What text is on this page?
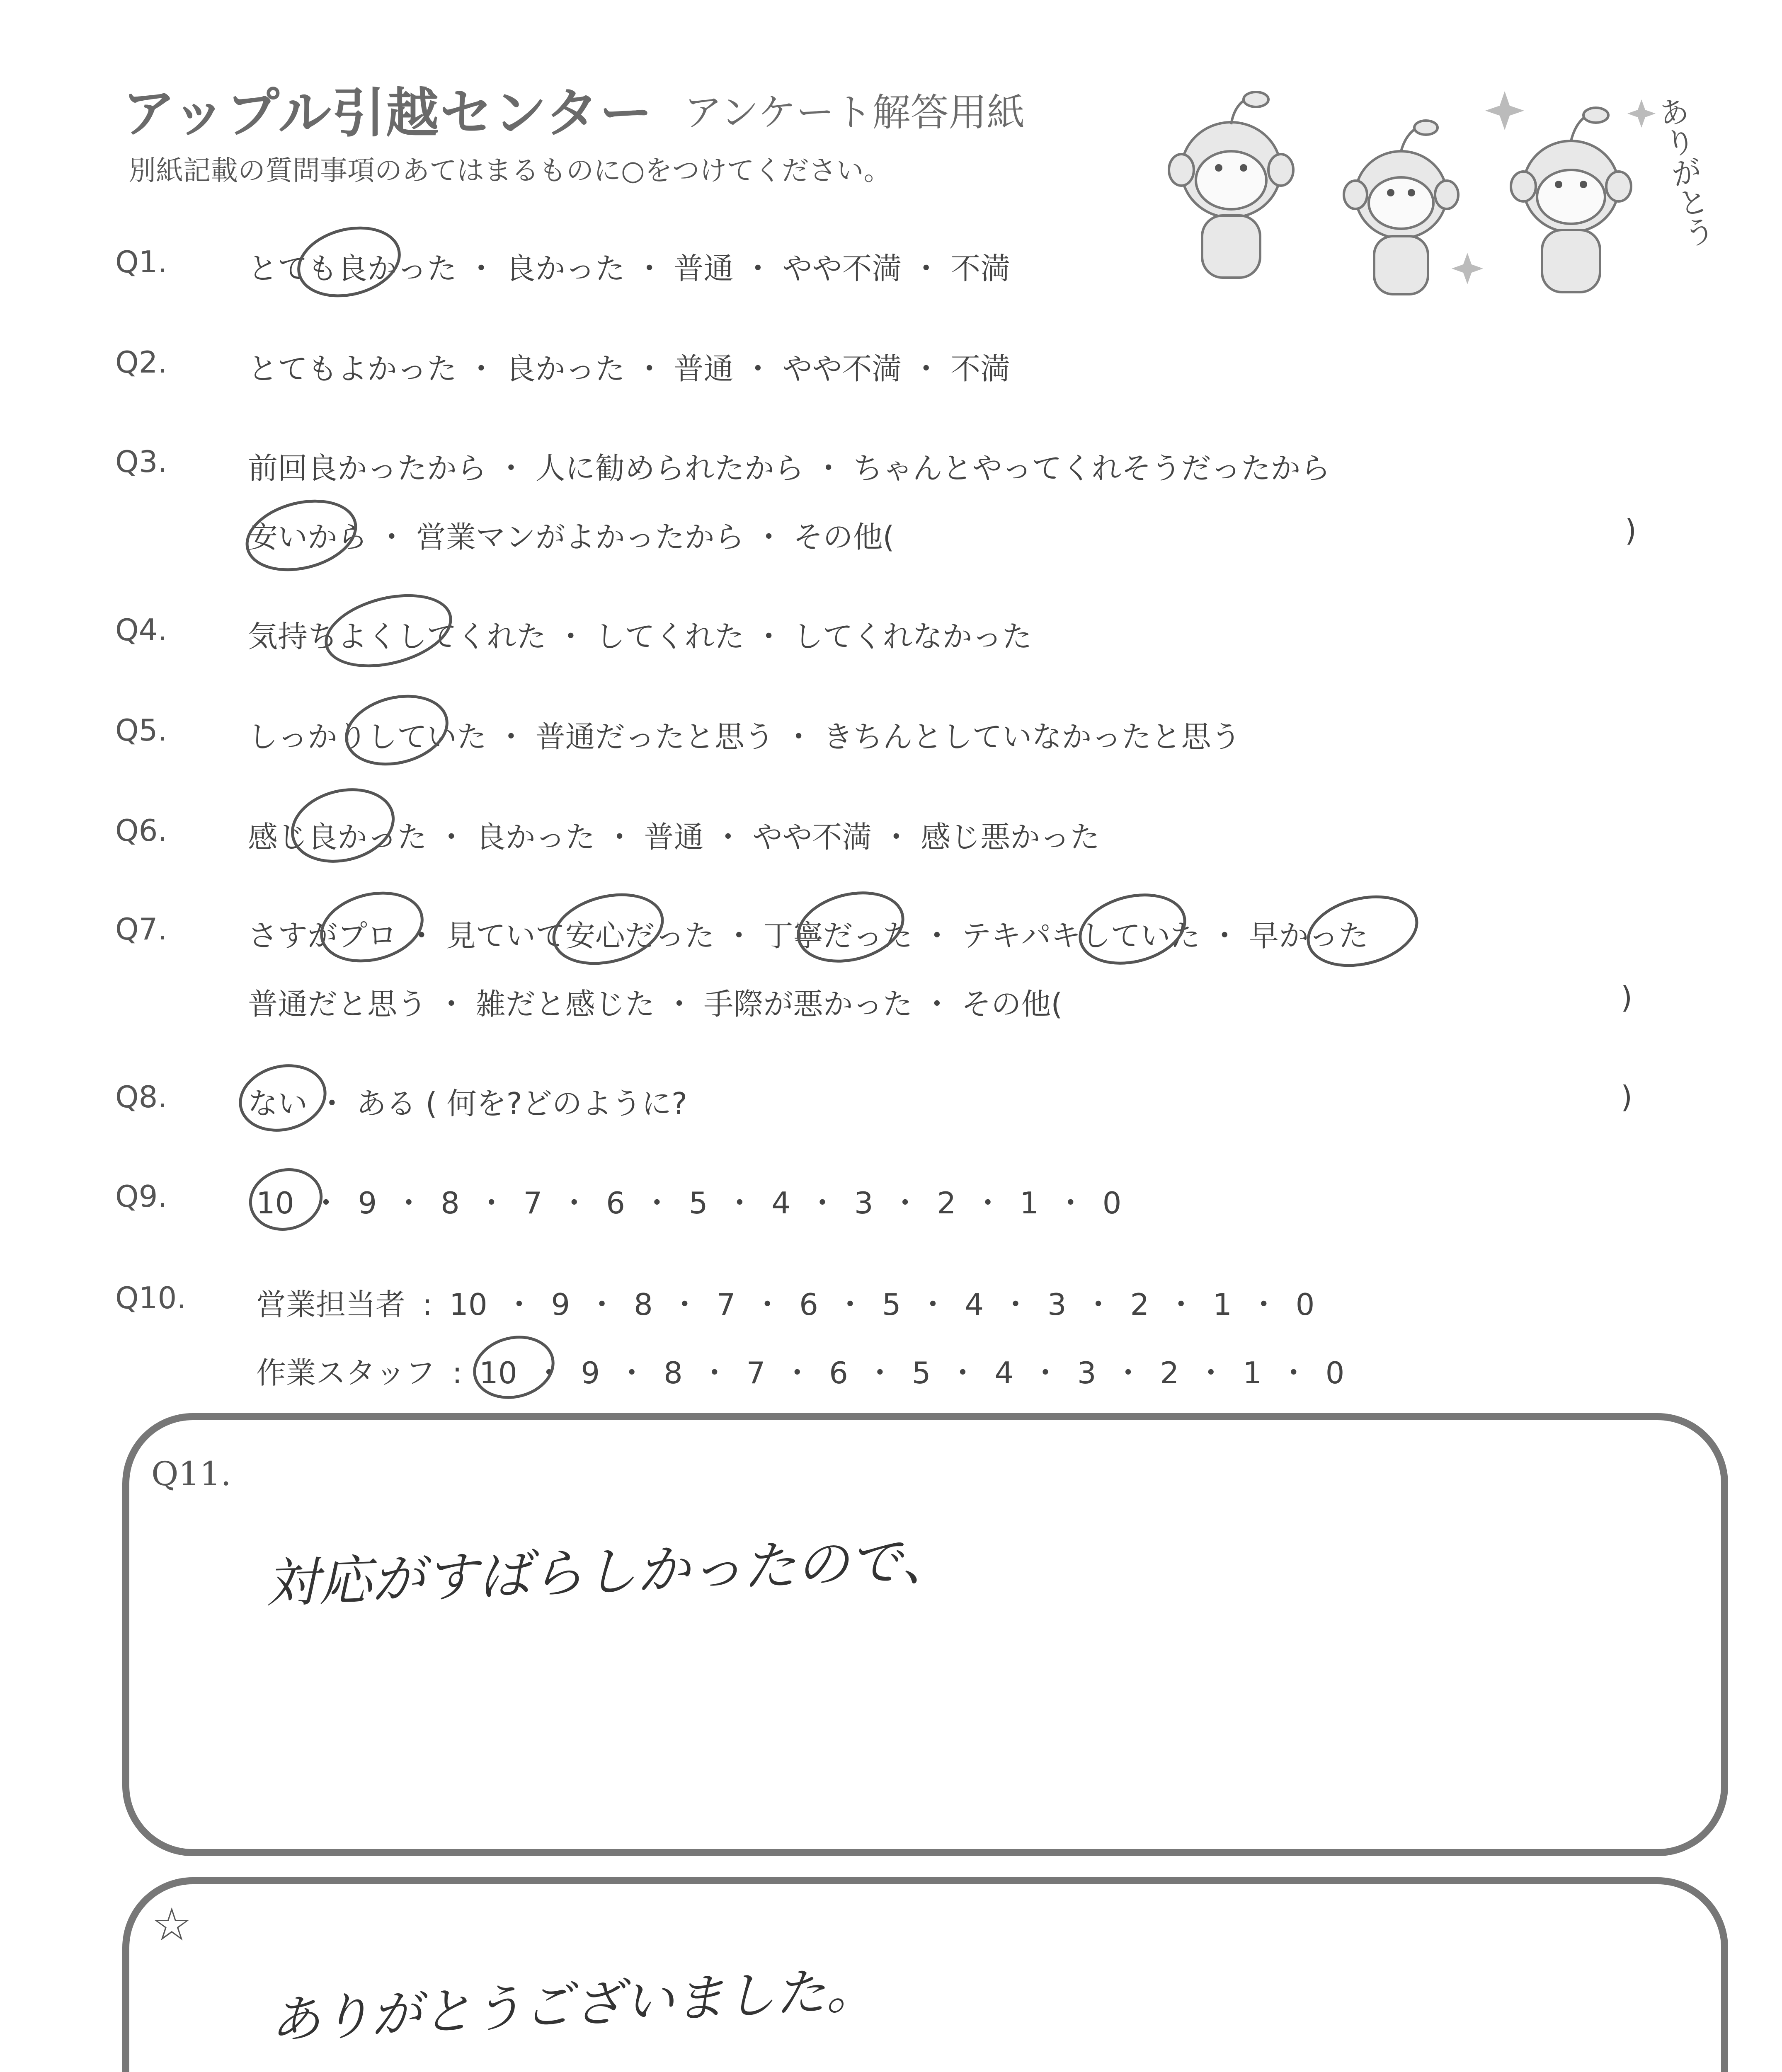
アップル引越センター アンケート解答用紙
別紙記載の質問事項のあてはまるものに○をつけてください。	ありがとう
Q1.	とても良かった ・ 良かった ・ 普通 ・ やや不満 ・ 不満
Q2.	とてもよかった ・ 良かった ・ 普通 ・ やや不満 ・ 不満
Q3.	前回良かったから ・ 人に勧められたから ・ ちゃんとやってくれそうだったから
安いから ・ 営業マンがよかったから ・ その他(	)
Q4.	気持ちよくしてくれた ・ してくれた ・ してくれなかった
Q5.	しっかりしていた ・ 普通だったと思う ・ きちんとしていなかったと思う
Q6.	感じ良かった ・ 良かった ・ 普通 ・ やや不満 ・ 感じ悪かった
Q7.	さすがプロ ・ 見ていて安心だった ・ 丁寧だった ・ テキパキしていた ・ 早かった
普通だと思う ・ 雑だと感じた ・ 手際が悪かった ・ その他(	)
Q8.	ない ・ ある ( 何を?どのように?	)
Q9.	10 ・ 9 ・ 8 ・ 7 ・ 6 ・ 5 ・ 4 ・ 3 ・ 2 ・ 1 ・ 0
Q10. 営業担当者 : 10 ・ 9 ・ 8 ・ 7 ・ 6 ・ 5 ・ 4 ・ 3 ・ 2 ・ 1 ・ 0
作業スタッフ : 10 ・ 9 ・ 8 ・ 7 ・ 6 ・ 5 ・ 4 ・ 3 ・ 2 ・ 1 ・ 0
Q11.
対応がすばらしかったので、
☆
ありがとうございました。
